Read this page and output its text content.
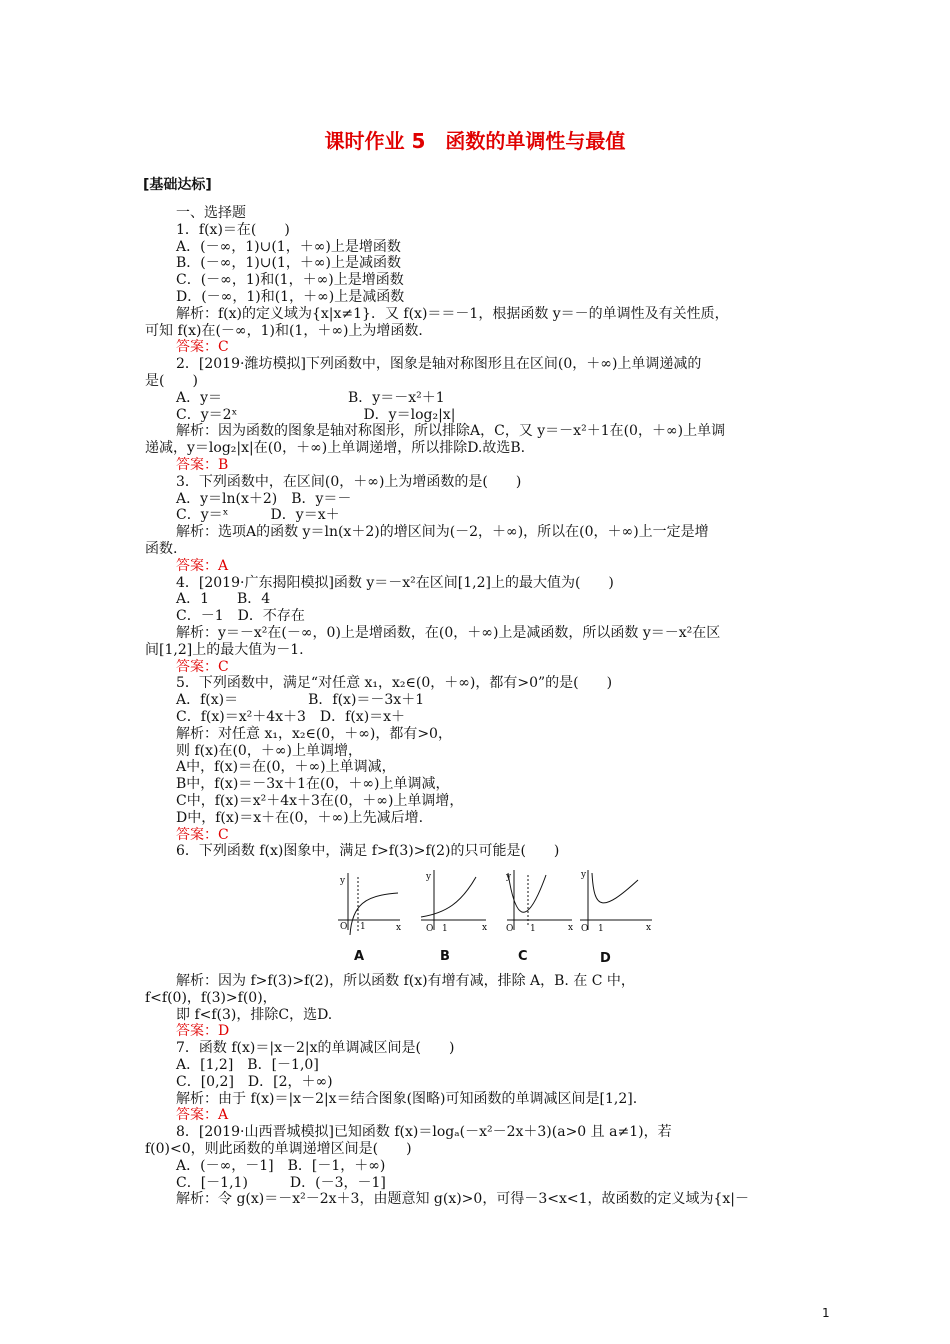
课时作业 5　函数的单调性与最值
[基础达标]
一、选择题
1．f(x)＝在(　　)
A．(－∞，1)∪(1，＋∞)上是增函数
B．(－∞，1)∪(1，＋∞)上是减函数
C．(－∞，1)和(1，＋∞)上是增函数
D．(－∞，1)和(1，＋∞)上是减函数
解析：f(x)的定义域为{x|x≠1}．又 f(x)＝＝－1，根据函数 y＝－的单调性及有关性质，
可知 f(x)在(－∞，1)和(1，＋∞)上为增函数．
答案：C
2．[2019·潍坊模拟]下列函数中，图象是轴对称图形且在区间(0，＋∞)上单调递减的
是(　　)
A．y＝　　　　　　　　　B．y＝－x²＋1
C．y＝2ˣ　　　　　　　　　D．y＝log₂|x|
解析：因为函数的图象是轴对称图形，所以排除A，C，又 y＝－x²＋1在(0，＋∞)上单调
递减，y＝log₂|x|在(0，＋∞)上单调递增，所以排除D.故选B.
答案：B
3．下列函数中，在区间(0，＋∞)上为增函数的是(　　)
A．y＝ln(x＋2)　B．y＝－
C．y＝ˣ　　　D．y＝x＋
解析：选项A的函数 y＝ln(x＋2)的增区间为(－2，＋∞)，所以在(0，＋∞)上一定是增
函数.
答案：A
4．[2019·广东揭阳模拟]函数 y＝－x²在区间[1,2]上的最大值为(　　)
A．1　　B．4
C．－1　D．不存在
解析：y＝－x²在(－∞，0)上是增函数，在(0，＋∞)上是减函数，所以函数 y＝－x²在区
间[1,2]上的最大值为－1.
答案：C
5．下列函数中，满足“对任意 x₁，x₂∈(0，＋∞)，都有>0”的是(　　)
A．f(x)＝　　　　　B．f(x)＝－3x＋1
C．f(x)＝x²＋4x＋3　D．f(x)＝x＋
解析：对任意 x₁，x₂∈(0，＋∞)，都有>0，
则 f(x)在(0，＋∞)上单调增，
A中，f(x)＝在(0，＋∞)上单调减，
B中，f(x)＝－3x＋1在(0，＋∞)上单调减，
C中，f(x)＝x²＋4x＋3在(0，＋∞)上单调增，
D中，f(x)＝x＋在(0，＋∞)上先减后增.
答案：C
6．下列函数 f(x)图象中，满足 f>f(3)>f(2)的只可能是(　　)
y
x
O 1
y
x
O 1
y
x
O 1
y
x
O 1
A	B	C	D
解析：因为 f>f(3)>f(2)，所以函数 f(x)有增有减，排除 A，B. 在 C 中，
f<f(0)，f(3)>f(0)，
即 f<f(3)，排除C，选D.
答案：D
7．函数 f(x)＝|x－2|x的单调减区间是(　　)
A．[1,2]　B．[－1,0]
C．[0,2]　D．[2，＋∞)
解析：由于 f(x)＝|x－2|x＝结合图象(图略)可知函数的单调减区间是[1,2].
答案：A
8．[2019·山西晋城模拟]已知函数 f(x)＝logₐ(－x²－2x＋3)(a>0 且 a≠1)，若
f(0)<0，则此函数的单调递增区间是(　　)
A．(－∞，－1]　B．[－1，＋∞)
C．[－1,1)　　　D．(－3，－1]
解析：令 g(x)＝－x²－2x＋3，由题意知 g(x)>0，可得－3<x<1，故函数的定义域为{x|－
1
